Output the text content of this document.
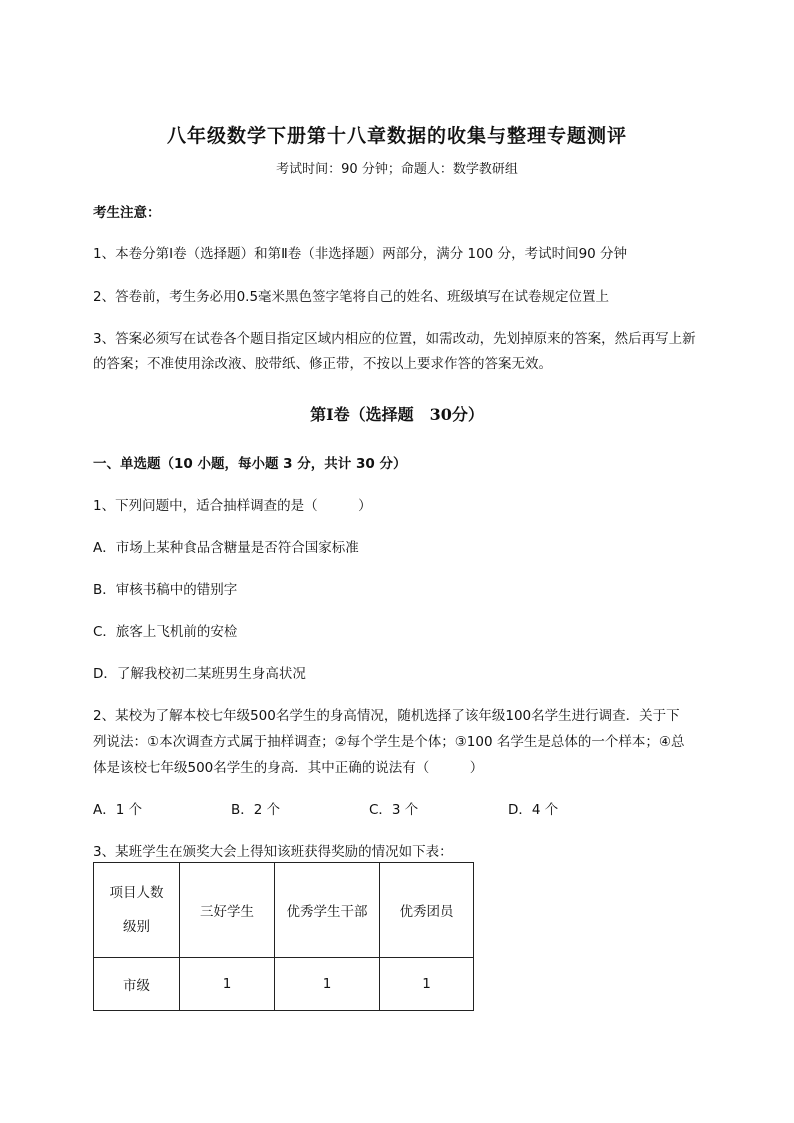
八年级数学下册第十八章数据的收集与整理专题测评
考试时间：90 分钟；命题人：数学教研组
考生注意：
1、本卷分第Ⅰ卷（选择题）和第Ⅱ卷（非选择题）两部分，满分 100 分，考试时间90 分钟
2、答卷前，考生务必用0.5毫米黑色签字笔将自己的姓名、班级填写在试卷规定位置上
3、答案必须写在试卷各个题目指定区域内相应的位置，如需改动，先划掉原来的答案，然后再写上新
的答案；不准使用涂改液、胶带纸、修正带，不按以上要求作答的答案无效。
第Ⅰ卷（选择题　30分）
一、单选题（10 小题，每小题 3 分，共计 30 分）
1、下列问题中，适合抽样调查的是（　　　）
A．市场上某种食品含糖量是否符合国家标准
B．审核书稿中的错别字
C．旅客上飞机前的安检
D．了解我校初二某班男生身高状况
2、某校为了解本校七年级500名学生的身高情况，随机选择了该年级100名学生进行调查．关于下
列说法：①本次调查方式属于抽样调查；②每个学生是个体；③100 名学生是总体的一个样本；④总
体是该校七年级500名学生的身高．其中正确的说法有（　　　）
A．1 个	B．2 个	C．3 个	D．4 个
3、某班学生在颁奖大会上得知该班获得奖励的情况如下表：
项目人数
级别	三好学生	优秀学生干部	优秀团员
市级	1	1	1
